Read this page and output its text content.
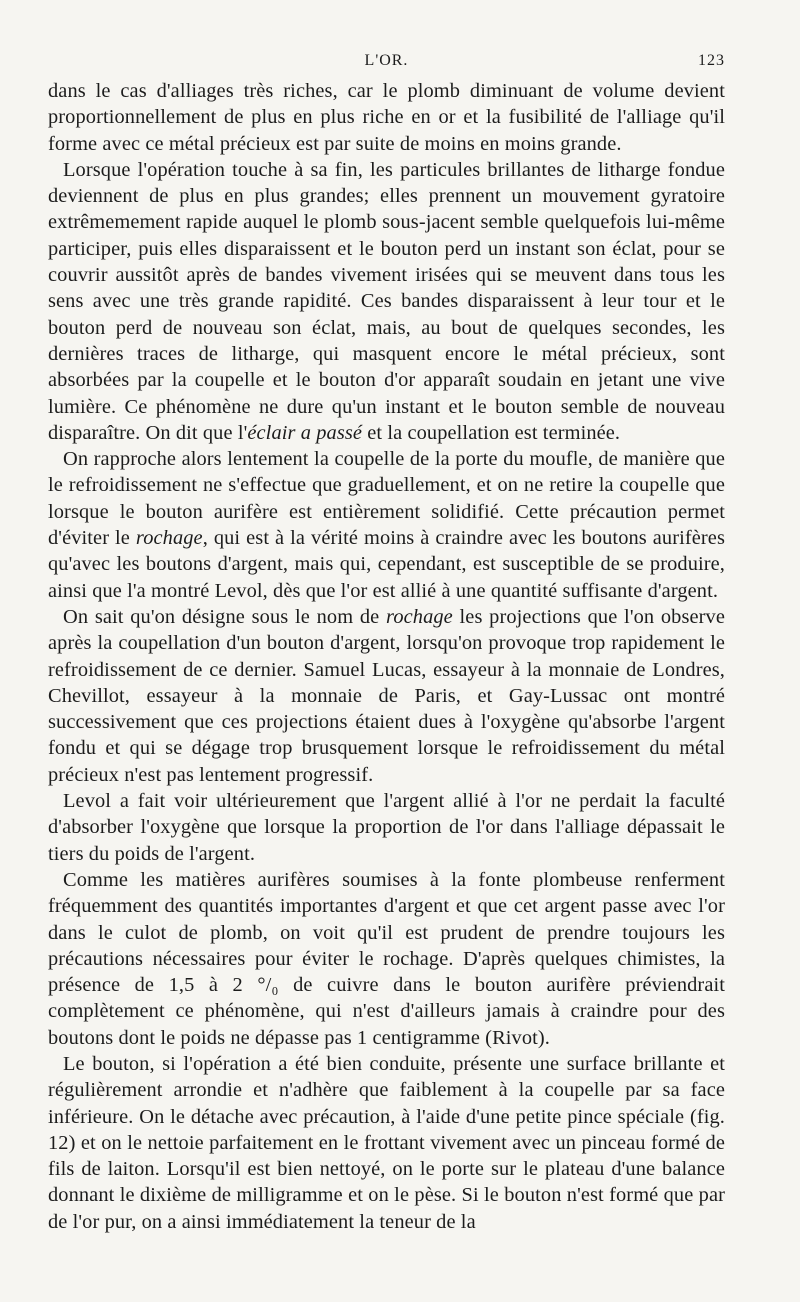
L'OR.	123

dans le cas d'alliages très riches, car le plomb diminuant de volume devient proportionnellement de plus en plus riche en or et la fusibilité de l'alliage qu'il forme avec ce métal précieux est par suite de moins en moins grande.

Lorsque l'opération touche à sa fin, les particules brillantes de litharge fondue deviennent de plus en plus grandes; elles prennent un mouvement gyratoire extrêmemement rapide auquel le plomb sous-jacent semble quelquefois lui-même participer, puis elles disparaissent et le bouton perd un instant son éclat, pour se couvrir aussitôt après de bandes vivement irisées qui se meuvent dans tous les sens avec une très grande rapidité. Ces bandes disparaissent à leur tour et le bouton perd de nouveau son éclat, mais, au bout de quelques secondes, les dernières traces de litharge, qui masquent encore le métal précieux, sont absorbées par la coupelle et le bouton d'or apparaît soudain en jetant une vive lumière. Ce phénomène ne dure qu'un instant et le bouton semble de nouveau disparaître. On dit que l'éclair a passé et la coupellation est terminée.

On rapproche alors lentement la coupelle de la porte du moufle, de manière que le refroidissement ne s'effectue que graduellement, et on ne retire la coupelle que lorsque le bouton aurifère est entièrement solidifié. Cette précaution permet d'éviter le rochage, qui est à la vérité moins à craindre avec les boutons aurifères qu'avec les boutons d'argent, mais qui, cependant, est susceptible de se produire, ainsi que l'a montré Levol, dès que l'or est allié à une quantité suffisante d'argent.

On sait qu'on désigne sous le nom de rochage les projections que l'on observe après la coupellation d'un bouton d'argent, lorsqu'on provoque trop rapidement le refroidissement de ce dernier. Samuel Lucas, essayeur à la monnaie de Londres, Chevillot, essayeur à la monnaie de Paris, et Gay-Lussac ont montré successivement que ces projections étaient dues à l'oxygène qu'absorbe l'argent fondu et qui se dégage trop brusquement lorsque le refroidissement du métal précieux n'est pas lentement progressif.

Levol a fait voir ultérieurement que l'argent allié à l'or ne perdait la faculté d'absorber l'oxygène que lorsque la proportion de l'or dans l'alliage dépassait le tiers du poids de l'argent.

Comme les matières aurifères soumises à la fonte plombeuse renferment fréquemment des quantités importantes d'argent et que cet argent passe avec l'or dans le culot de plomb, on voit qu'il est prudent de prendre toujours les précautions nécessaires pour éviter le rochage. D'après quelques chimistes, la présence de 1,5 à 2 °/₀ de cuivre dans le bouton aurifère préviendrait complètement ce phénomène, qui n'est d'ailleurs jamais à craindre pour des boutons dont le poids ne dépasse pas 1 centigramme (Rivot).

Le bouton, si l'opération a été bien conduite, présente une surface brillante et régulièrement arrondie et n'adhère que faiblement à la coupelle par sa face inférieure. On le détache avec précaution, à l'aide d'une petite pince spéciale (fig. 12) et on le nettoie parfaitement en le frottant vivement avec un pinceau formé de fils de laiton. Lorsqu'il est bien nettoyé, on le porte sur le plateau d'une balance donnant le dixième de milligramme et on le pèse. Si le bouton n'est formé que par de l'or pur, on a ainsi immédiatement la teneur de la
